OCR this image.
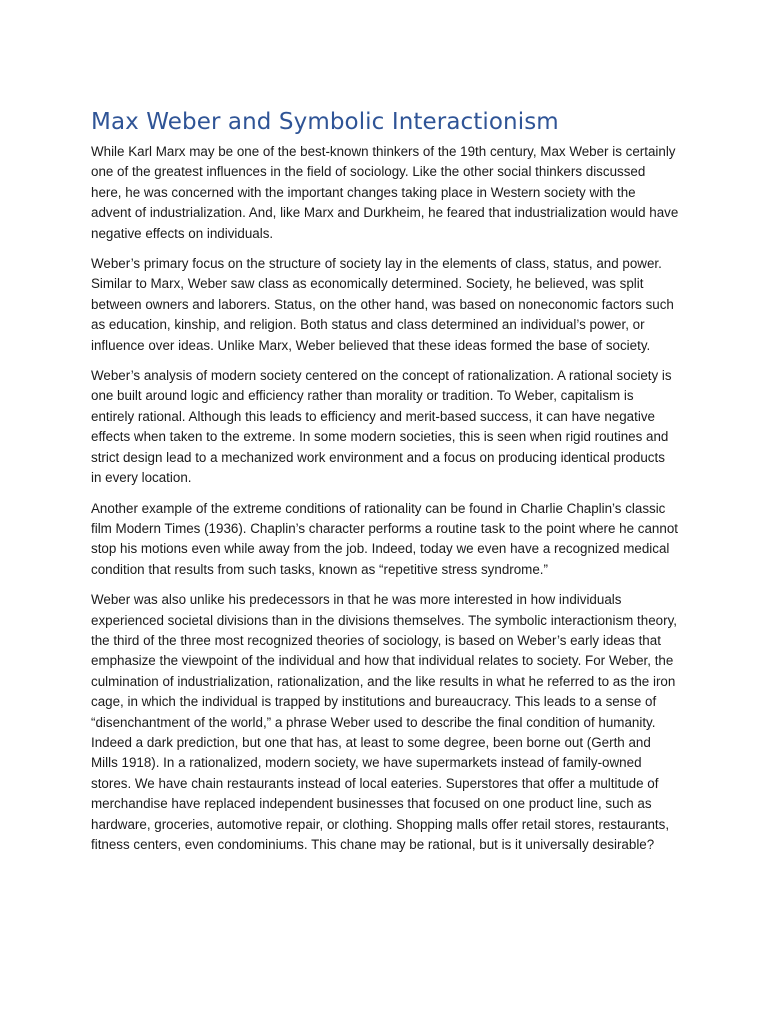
Max Weber and Symbolic Interactionism

While Karl Marx may be one of the best-known thinkers of the 19th century, Max Weber is certainly one of the greatest influences in the field of sociology. Like the other social thinkers discussed here, he was concerned with the important changes taking place in Western society with the advent of industrialization. And, like Marx and Durkheim, he feared that industrialization would have negative effects on individuals.

Weber’s primary focus on the structure of society lay in the elements of class, status, and power. Similar to Marx, Weber saw class as economically determined. Society, he believed, was split between owners and laborers. Status, on the other hand, was based on noneconomic factors such as education, kinship, and religion. Both status and class determined an individual’s power, or influence over ideas. Unlike Marx, Weber believed that these ideas formed the base of society.

Weber’s analysis of modern society centered on the concept of rationalization. A rational society is one built around logic and efficiency rather than morality or tradition. To Weber, capitalism is entirely rational. Although this leads to efficiency and merit-based success, it can have negative effects when taken to the extreme. In some modern societies, this is seen when rigid routines and strict design lead to a mechanized work environment and a focus on producing identical products in every location.

Another example of the extreme conditions of rationality can be found in Charlie Chaplin’s classic film Modern Times (1936). Chaplin’s character performs a routine task to the point where he cannot stop his motions even while away from the job. Indeed, today we even have a recognized medical condition that results from such tasks, known as “repetitive stress syndrome.”

Weber was also unlike his predecessors in that he was more interested in how individuals experienced societal divisions than in the divisions themselves. The symbolic interactionism theory, the third of the three most recognized theories of sociology, is based on Weber’s early ideas that emphasize the viewpoint of the individual and how that individual relates to society. For Weber, the culmination of industrialization, rationalization, and the like results in what he referred to as the iron cage, in which the individual is trapped by institutions and bureaucracy. This leads to a sense of “disenchantment of the world,” a phrase Weber used to describe the final condition of humanity. Indeed a dark prediction, but one that has, at least to some degree, been borne out (Gerth and Mills 1918). In a rationalized, modern society, we have supermarkets instead of family-owned stores. We have chain restaurants instead of local eateries. Superstores that offer a multitude of merchandise have replaced independent businesses that focused on one product line, such as hardware, groceries, automotive repair, or clothing. Shopping malls offer retail stores, restaurants, fitness centers, even condominiums. This chane may be rational, but is it universally desirable?
